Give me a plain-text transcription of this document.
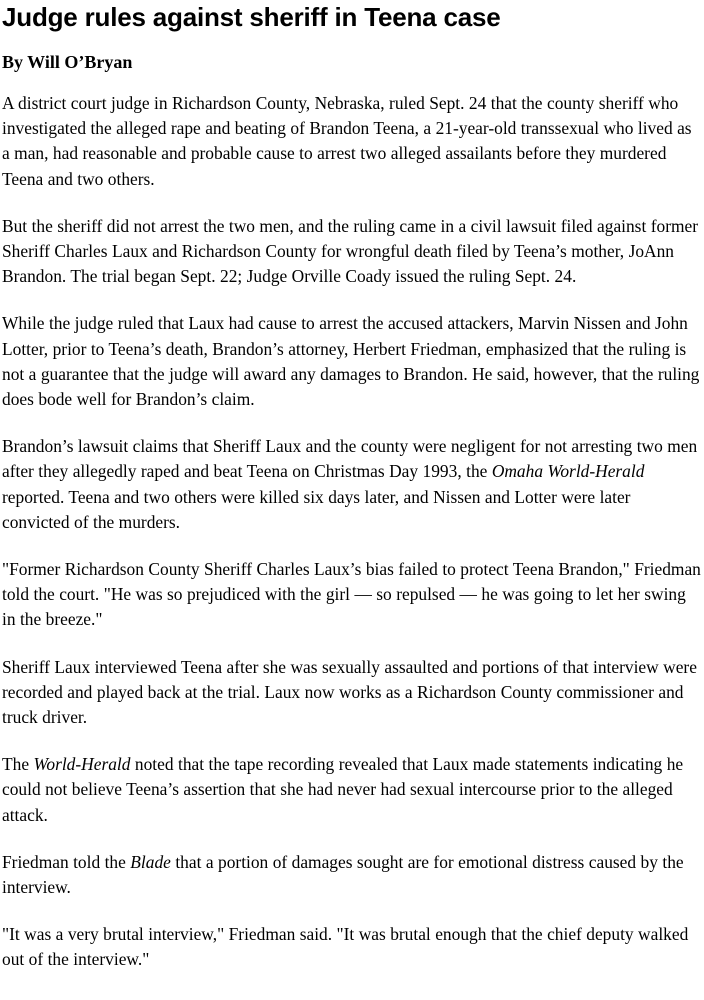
Judge rules against sheriff in Teena case
By Will O’Bryan

A district court judge in Richardson County, Nebraska, ruled Sept. 24 that the county sheriff who investigated the alleged rape and beating of Brandon Teena, a 21-year-old transsexual who lived as a man, had reasonable and probable cause to arrest two alleged assailants before they murdered Teena and two others.

But the sheriff did not arrest the two men, and the ruling came in a civil lawsuit filed against former Sheriff Charles Laux and Richardson County for wrongful death filed by Teena’s mother, JoAnn Brandon. The trial began Sept. 22; Judge Orville Coady issued the ruling Sept. 24.

While the judge ruled that Laux had cause to arrest the accused attackers, Marvin Nissen and John Lotter, prior to Teena’s death, Brandon’s attorney, Herbert Friedman, emphasized that the ruling is not a guarantee that the judge will award any damages to Brandon. He said, however, that the ruling does bode well for Brandon’s claim.

Brandon’s lawsuit claims that Sheriff Laux and the county were negligent for not arresting two men after they allegedly raped and beat Teena on Christmas Day 1993, the Omaha World-Herald reported. Teena and two others were killed six days later, and Nissen and Lotter were later convicted of the murders.

"Former Richardson County Sheriff Charles Laux’s bias failed to protect Teena Brandon," Friedman told the court. "He was so prejudiced with the girl — so repulsed — he was going to let her swing in the breeze."

Sheriff Laux interviewed Teena after she was sexually assaulted and portions of that interview were recorded and played back at the trial. Laux now works as a Richardson County commissioner and truck driver.

The World-Herald noted that the tape recording revealed that Laux made statements indicating he could not believe Teena’s assertion that she had never had sexual intercourse prior to the alleged attack.

Friedman told the Blade that a portion of damages sought are for emotional distress caused by the interview.

"It was a very brutal interview," Friedman said. "It was brutal enough that the chief deputy walked out of the interview."
